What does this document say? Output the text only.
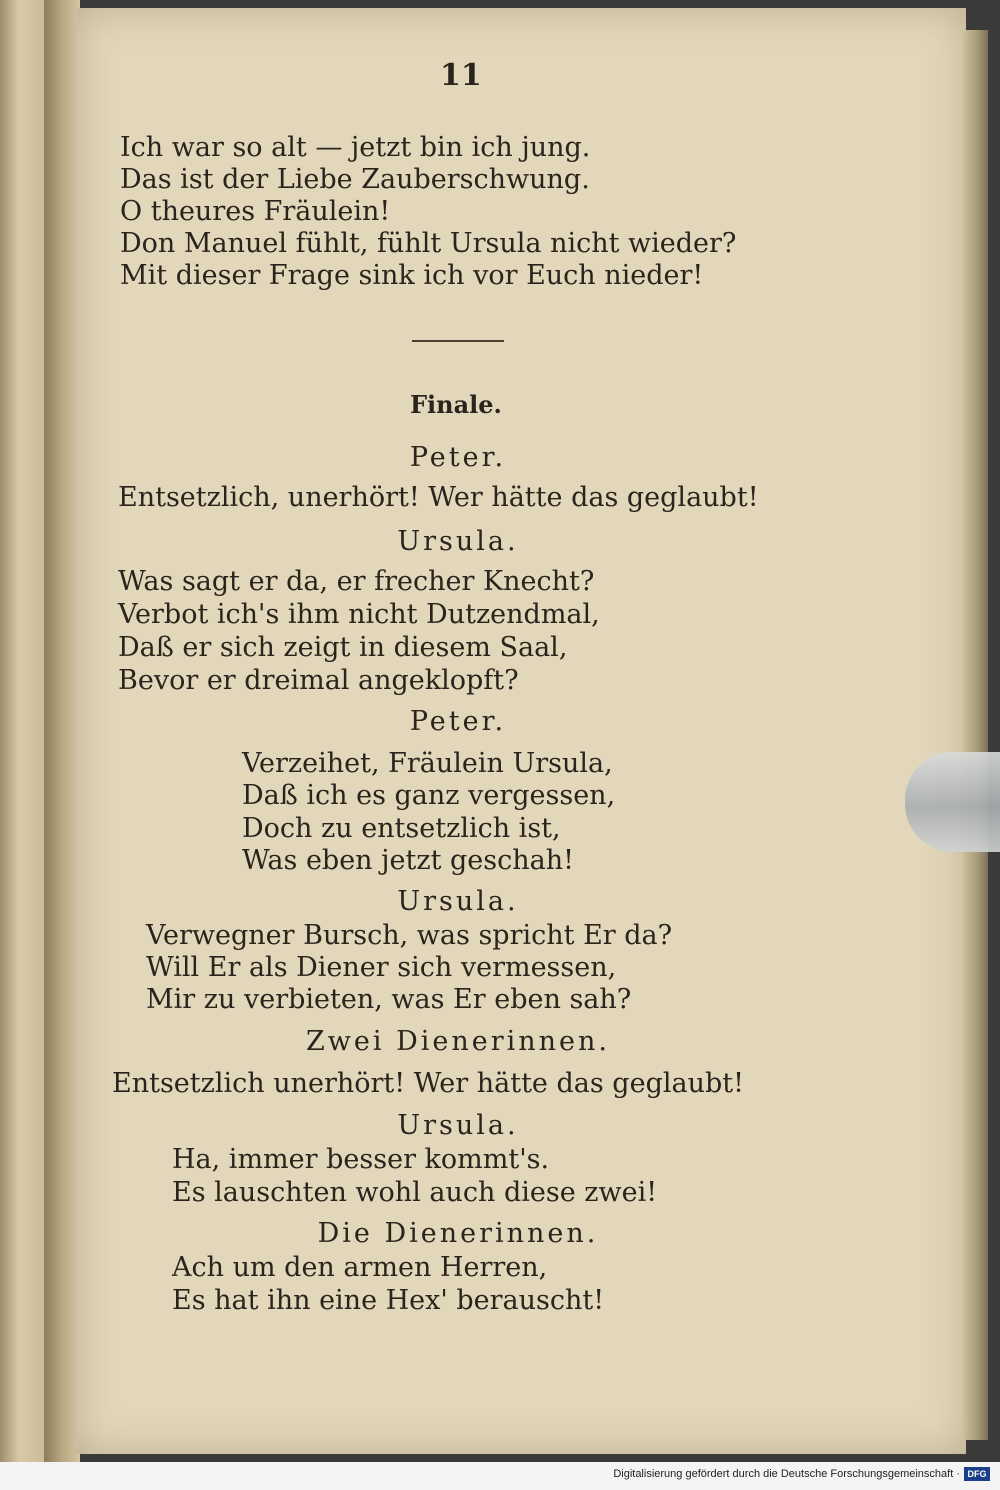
11
Ich war so alt — jetzt bin ich jung.
Das ist der Liebe Zauberschwung.
O theures Fräulein!
Don Manuel fühlt, fühlt Ursula nicht wieder?
Mit dieser Frage sink ich vor Euch nieder!
Finale.
Peter.
Entsetzlich, unerhört! Wer hätte das geglaubt!
Ursula.
Was sagt er da, er frecher Knecht?
Verbot ich's ihm nicht Dutzendmal,
Daß er sich zeigt in diesem Saal,
Bevor er dreimal angeklopft?
Peter.
Verzeihet, Fräulein Ursula,
Daß ich es ganz vergessen,
Doch zu entsetzlich ist,
Was eben jetzt geschah!
Ursula.
Verwegner Bursch, was spricht Er da?
Will Er als Diener sich vermessen,
Mir zu verbieten, was Er eben sah?
Zwei Dienerinnen.
Entsetzlich unerhört! Wer hätte das geglaubt!
Ursula.
Ha, immer besser kommt's.
Es lauschten wohl auch diese zwei!
Die Dienerinnen.
Ach um den armen Herren,
Es hat ihn eine Hex' berauscht!
Digitalisierung gefördert durch die Deutsche Forschungsgemeinschaft · DFG
